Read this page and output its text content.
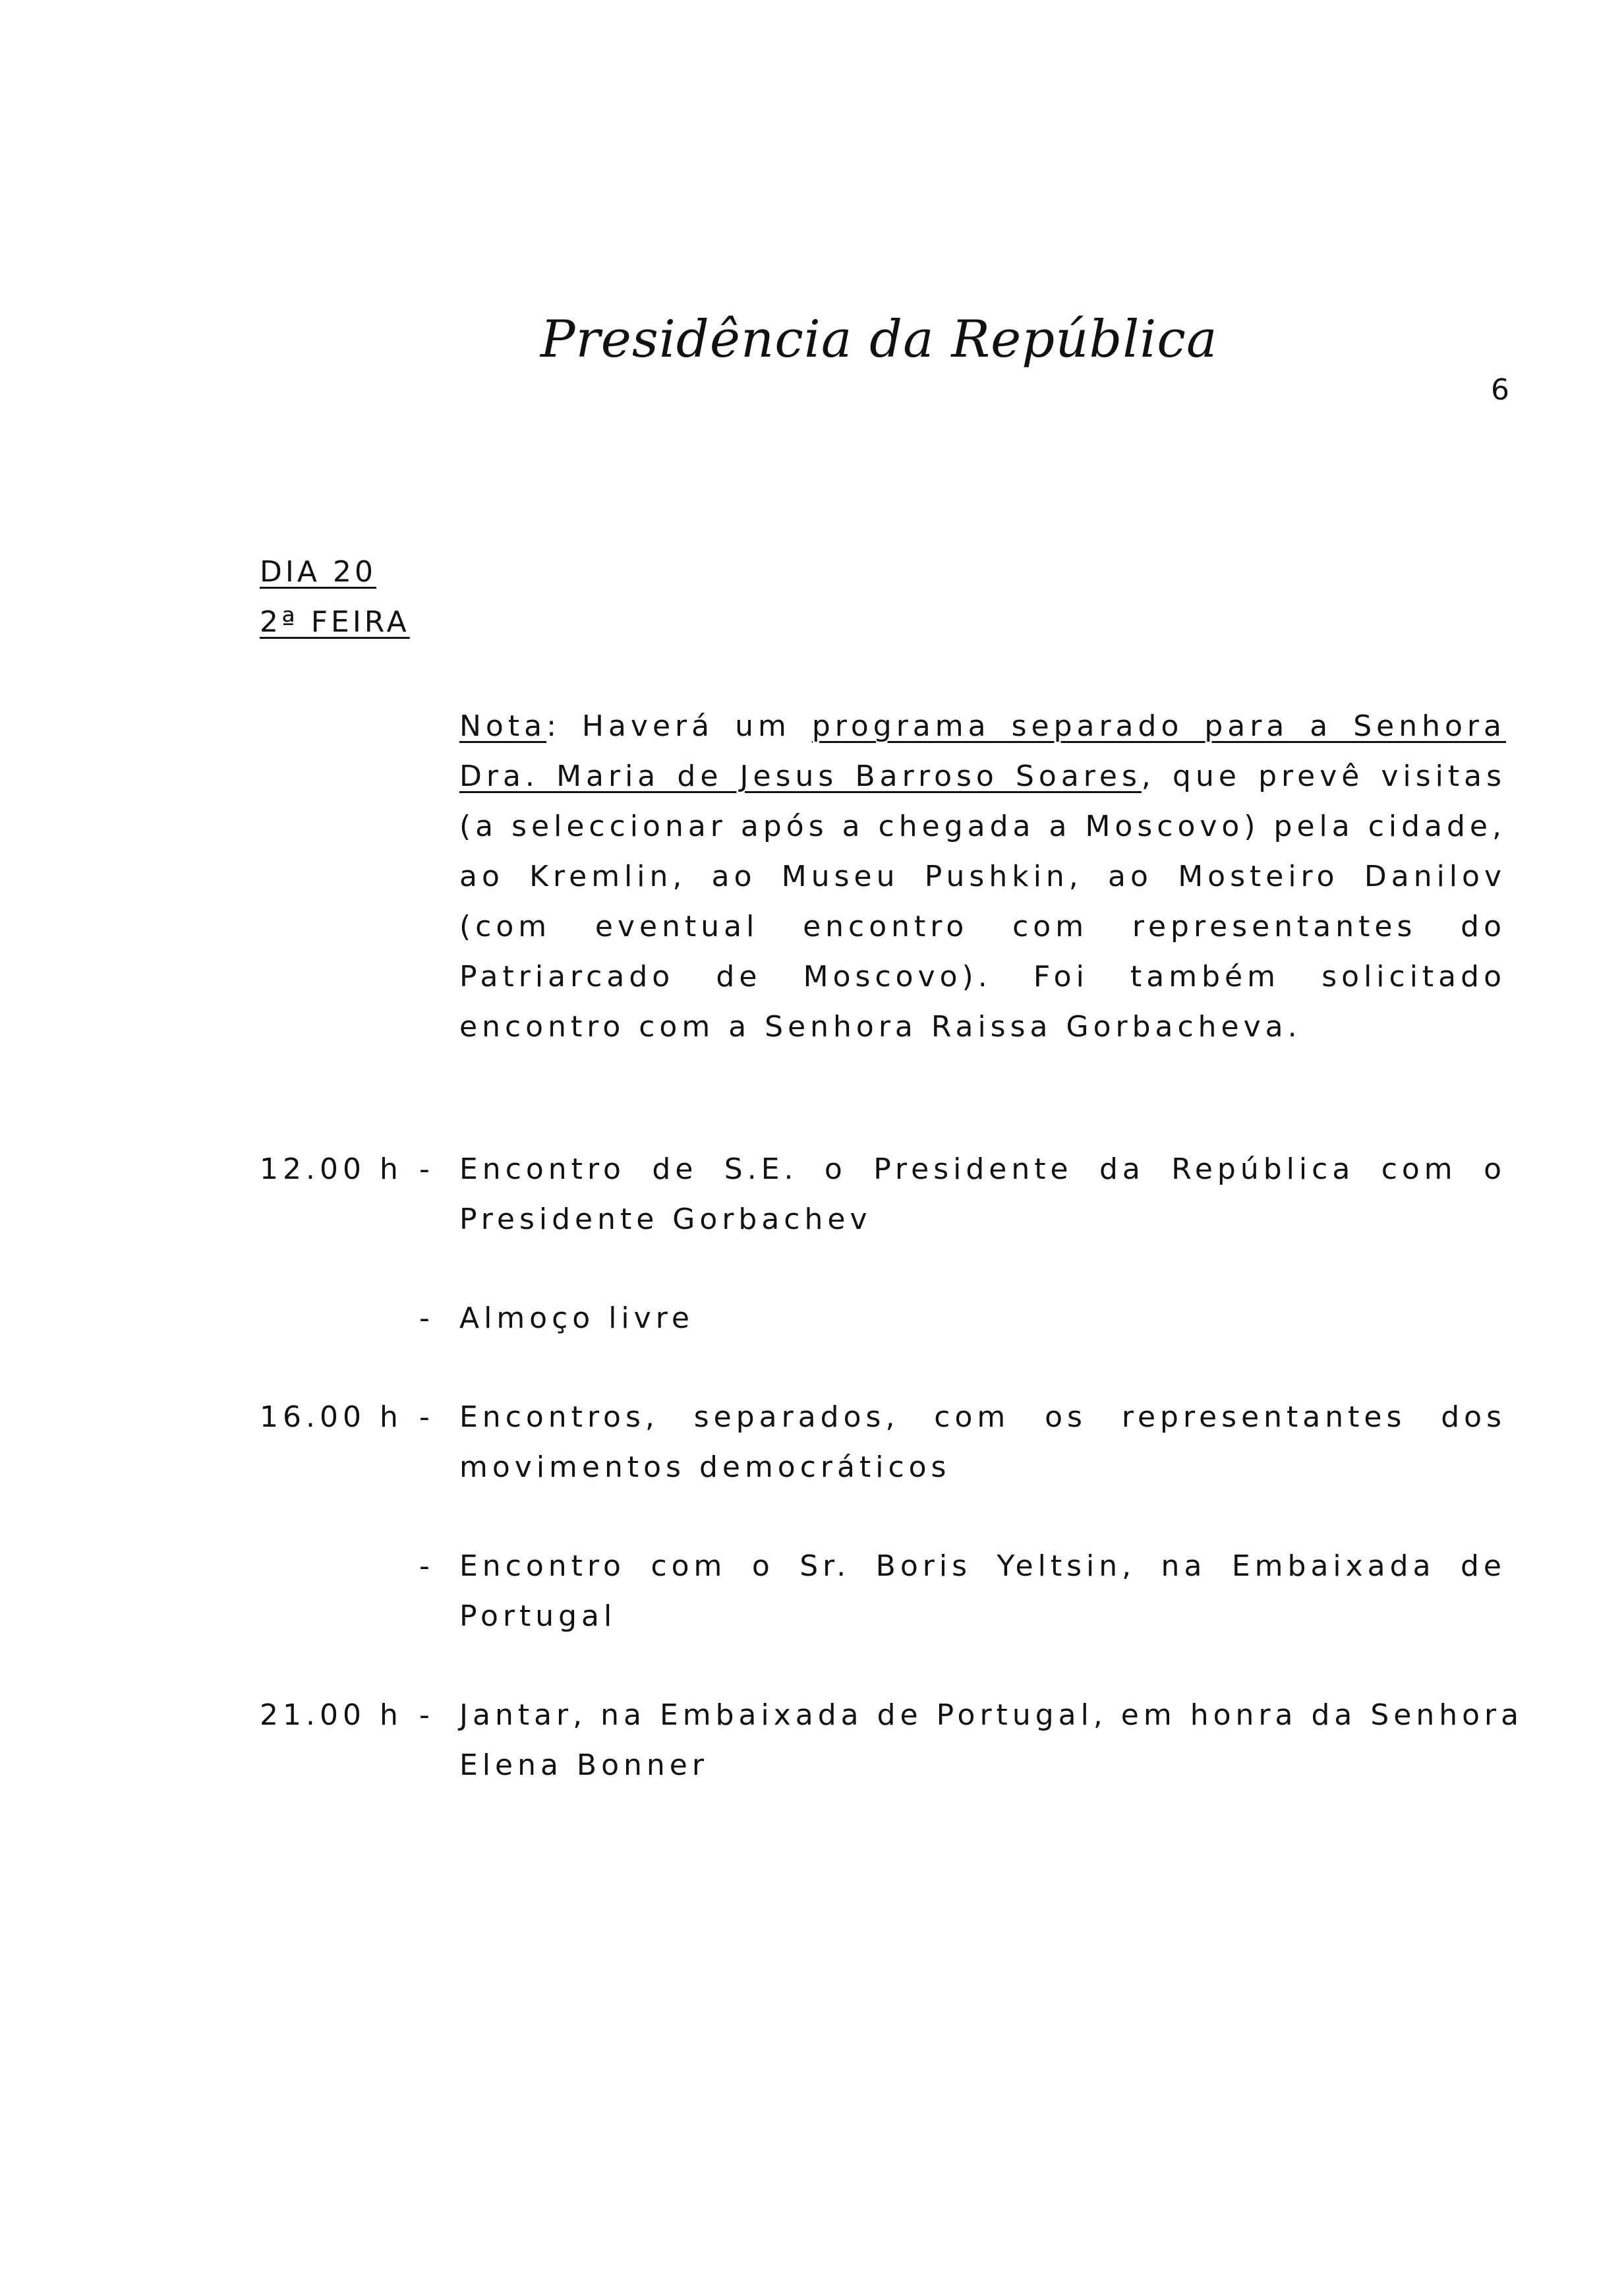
Presidência da República
6
DIA 20
2ª FEIRA
Nota: Haverá um programa separado para a Senhora
Dra. Maria de Jesus Barroso Soares, que prevê visitas
(a seleccionar após a chegada a Moscovo) pela cidade,
ao Kremlin, ao Museu Pushkin, ao Mosteiro Danilov
(com eventual encontro com representantes do
Patriarcado de Moscovo). Foi também solicitado
encontro com a Senhora Raissa Gorbacheva.
12.00 h - Encontro de S.E. o Presidente da República com o
Presidente Gorbachev
- Almoço livre
16.00 h - Encontros, separados, com os representantes dos
movimentos democráticos
- Encontro com o Sr. Boris Yeltsin, na Embaixada de
Portugal
21.00 h - Jantar, na Embaixada de Portugal, em honra da Senhora
Elena Bonner
